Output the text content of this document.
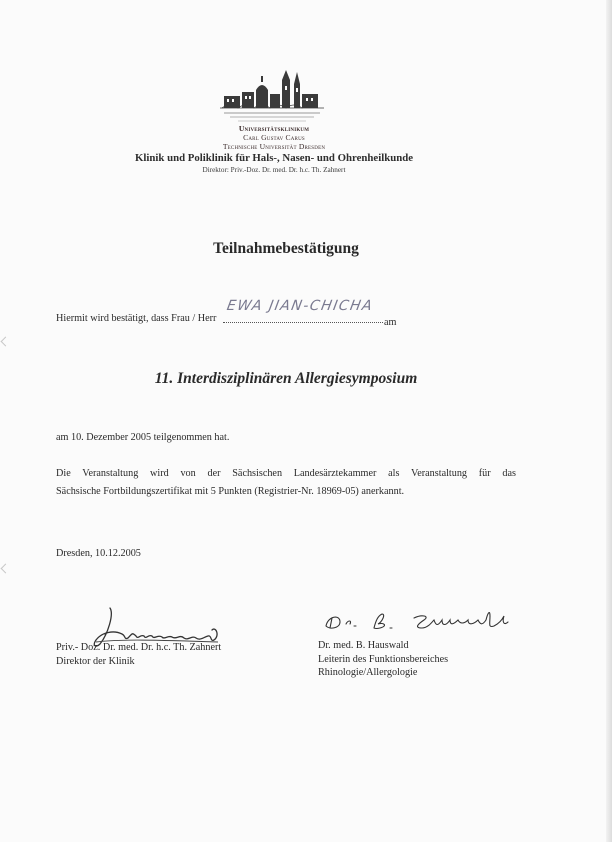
Universitätsklinikum
Carl Gustav Carus
Technische Universität Dresden
Klinik und Poliklinik für Hals-, Nasen- und Ohrenheilkunde
Direktor: Priv.-Doz. Dr. med. Dr. h.c. Th. Zahnert
Teilnahmebestätigung
Hiermit wird bestätigt, dass Frau / Herr
EWA JIAN-CHICHA
am
11. Interdisziplinären Allergiesymposium
am 10. Dezember 2005 teilgenommen hat.
Die Veranstaltung wird von der Sächsischen Landesärztekammer als Veranstaltung für das
Sächsische Fortbildungszertifikat mit 5 Punkten (Registrier-Nr. 18969-05) anerkannt.
Dresden, 10.12.2005
Priv.- Doz. Dr. med. Dr. h.c. Th. Zahnert
Direktor der Klinik
Dr. med. B. Hauswald
Leiterin des Funktionsbereiches
Rhinologie/Allergologie
